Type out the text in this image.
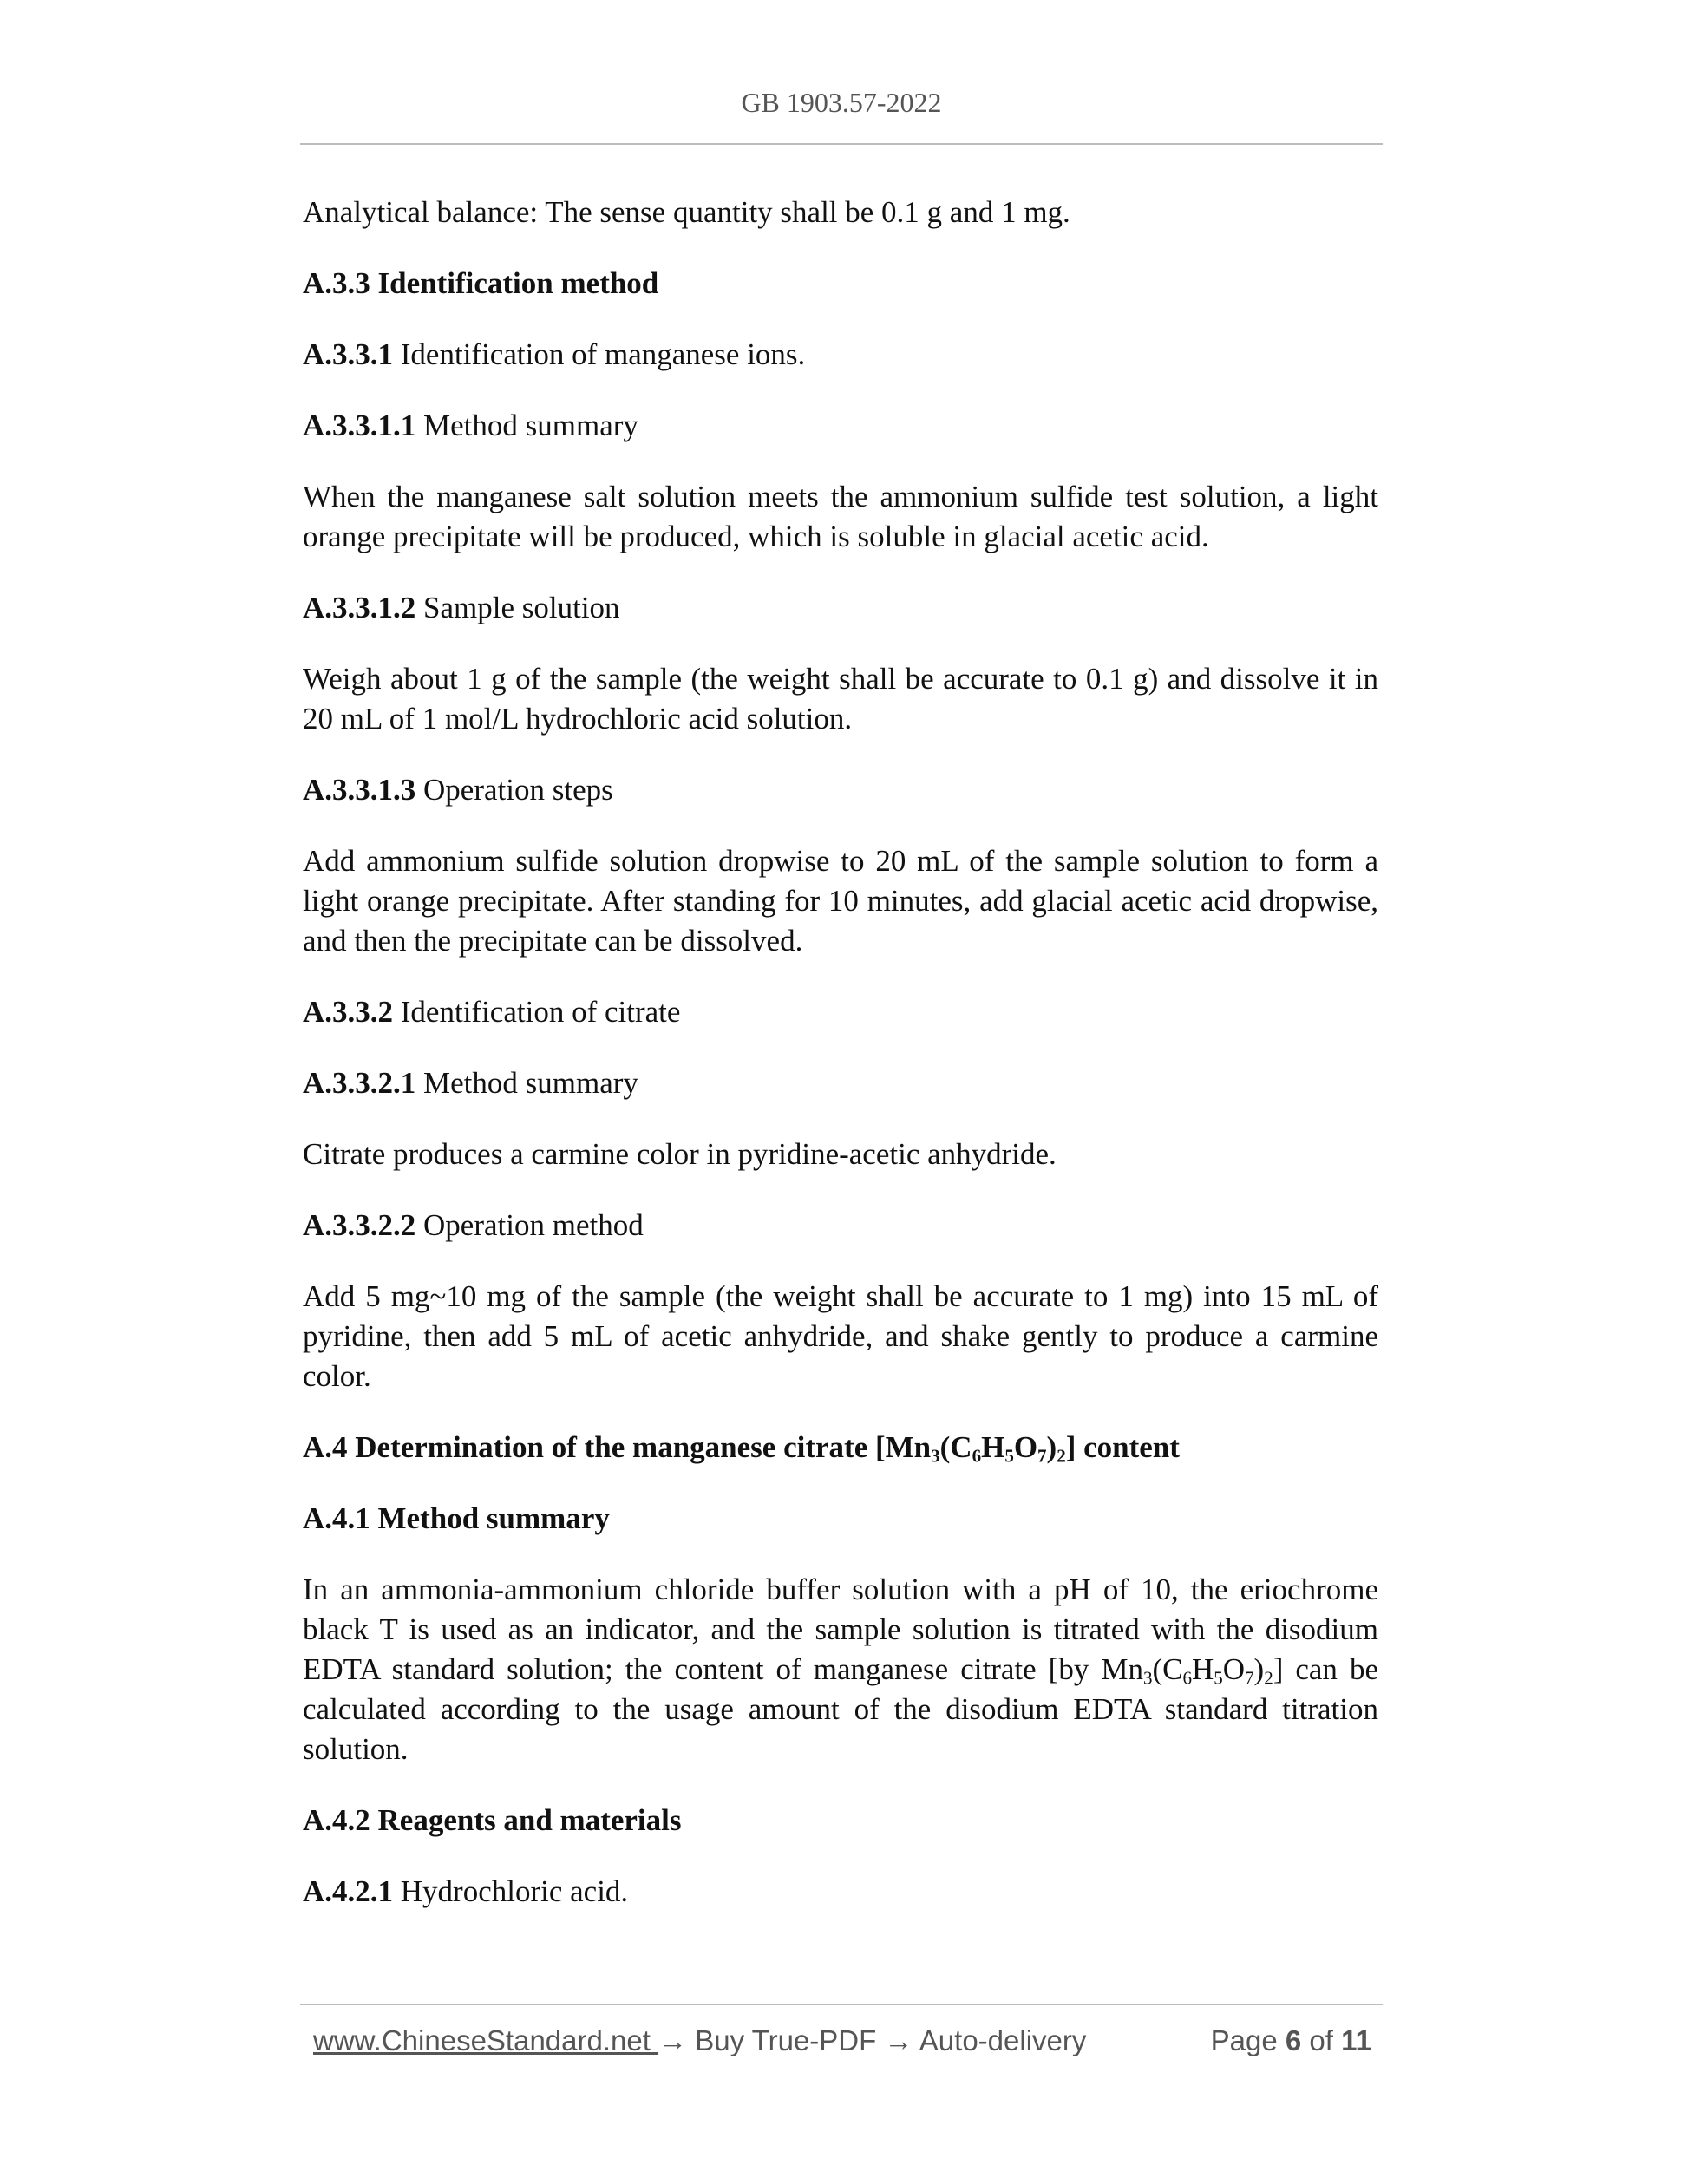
GB 1903.57-2022

Analytical balance: The sense quantity shall be 0.1 g and 1 mg.

A.3.3 Identification method

A.3.3.1 Identification of manganese ions.

A.3.3.1.1 Method summary

When the manganese salt solution meets the ammonium sulfide test solution, a light orange precipitate will be produced, which is soluble in glacial acetic acid.

A.3.3.1.2 Sample solution

Weigh about 1 g of the sample (the weight shall be accurate to 0.1 g) and dissolve it in 20 mL of 1 mol/L hydrochloric acid solution.

A.3.3.1.3 Operation steps

Add ammonium sulfide solution dropwise to 20 mL of the sample solution to form a light orange precipitate. After standing for 10 minutes, add glacial acetic acid dropwise, and then the precipitate can be dissolved.

A.3.3.2 Identification of citrate

A.3.3.2.1 Method summary

Citrate produces a carmine color in pyridine-acetic anhydride.

A.3.3.2.2 Operation method

Add 5 mg~10 mg of the sample (the weight shall be accurate to 1 mg) into 15 mL of pyridine, then add 5 mL of acetic anhydride, and shake gently to produce a carmine color.

A.4 Determination of the manganese citrate $[Mn_3(C_6H_5O_7)_2]$ content

A.4.1 Method summary

In an ammonia-ammonium chloride buffer solution with a pH of 10, the eriochrome black T is used as an indicator, and the sample solution is titrated with the disodium EDTA standard solution; the content of manganese citrate [by $Mn_3(C_6H_5O_7)_2$] can be calculated according to the usage amount of the disodium EDTA standard titration solution.

A.4.2 Reagents and materials

A.4.2.1 Hydrochloric acid.

www.ChineseStandard.net → Buy True-PDF → Auto-delivery	Page 6 of 11
